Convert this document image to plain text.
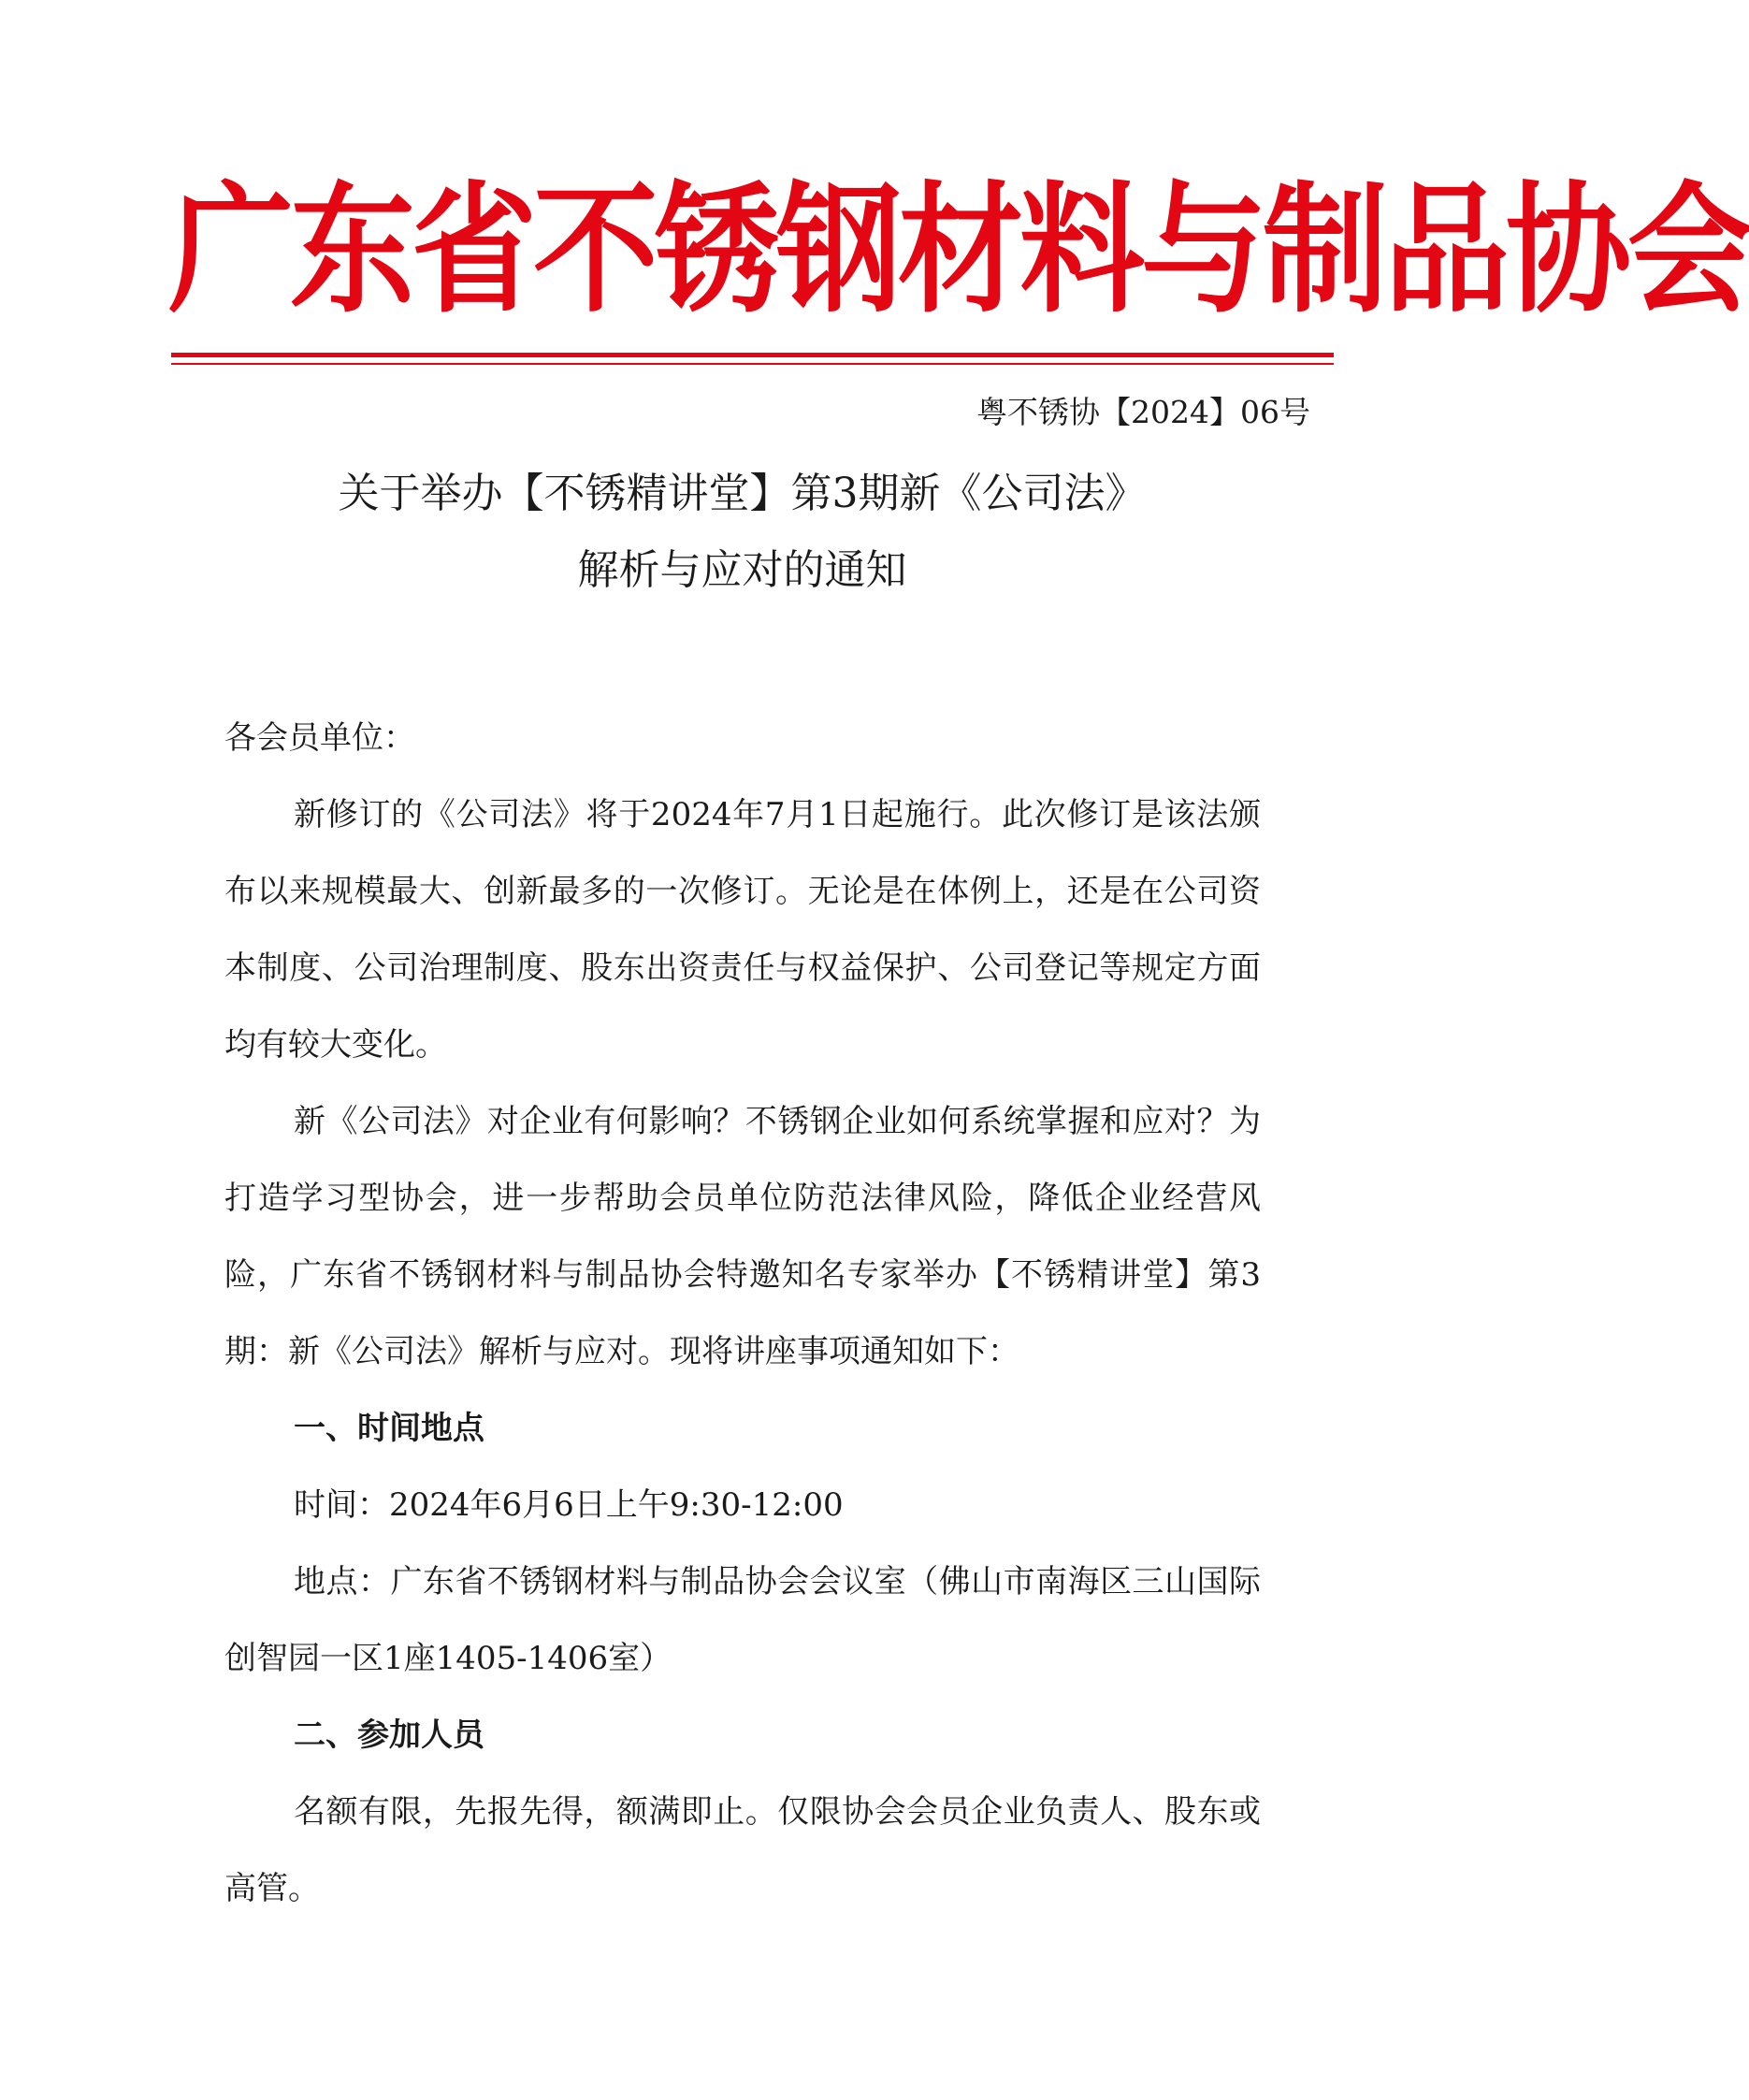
广东省不锈钢材料与制品协会
粤不锈协【2024】06号
关于举办【不锈精讲堂】第3期新《公司法》
解析与应对的通知

各会员单位：

新修订的《公司法》将于2024年7月1日起施行。此次修订是该法颁布以来规模最大、创新最多的一次修订。无论是在体例上，还是在公司资本制度、公司治理制度、股东出资责任与权益保护、公司登记等规定方面均有较大变化。

新《公司法》对企业有何影响？不锈钢企业如何系统掌握和应对？为打造学习型协会，进一步帮助会员单位防范法律风险，降低企业经营风险，广东省不锈钢材料与制品协会特邀知名专家举办【不锈精讲堂】第3期：新《公司法》解析与应对。现将讲座事项通知如下：

一、时间地点

时间：2024年6月6日上午9:30-12:00

地点：广东省不锈钢材料与制品协会会议室（佛山市南海区三山国际创智园一区1座1405-1406室）

二、参加人员

名额有限，先报先得，额满即止。仅限协会会员企业负责人、股东或高管。
